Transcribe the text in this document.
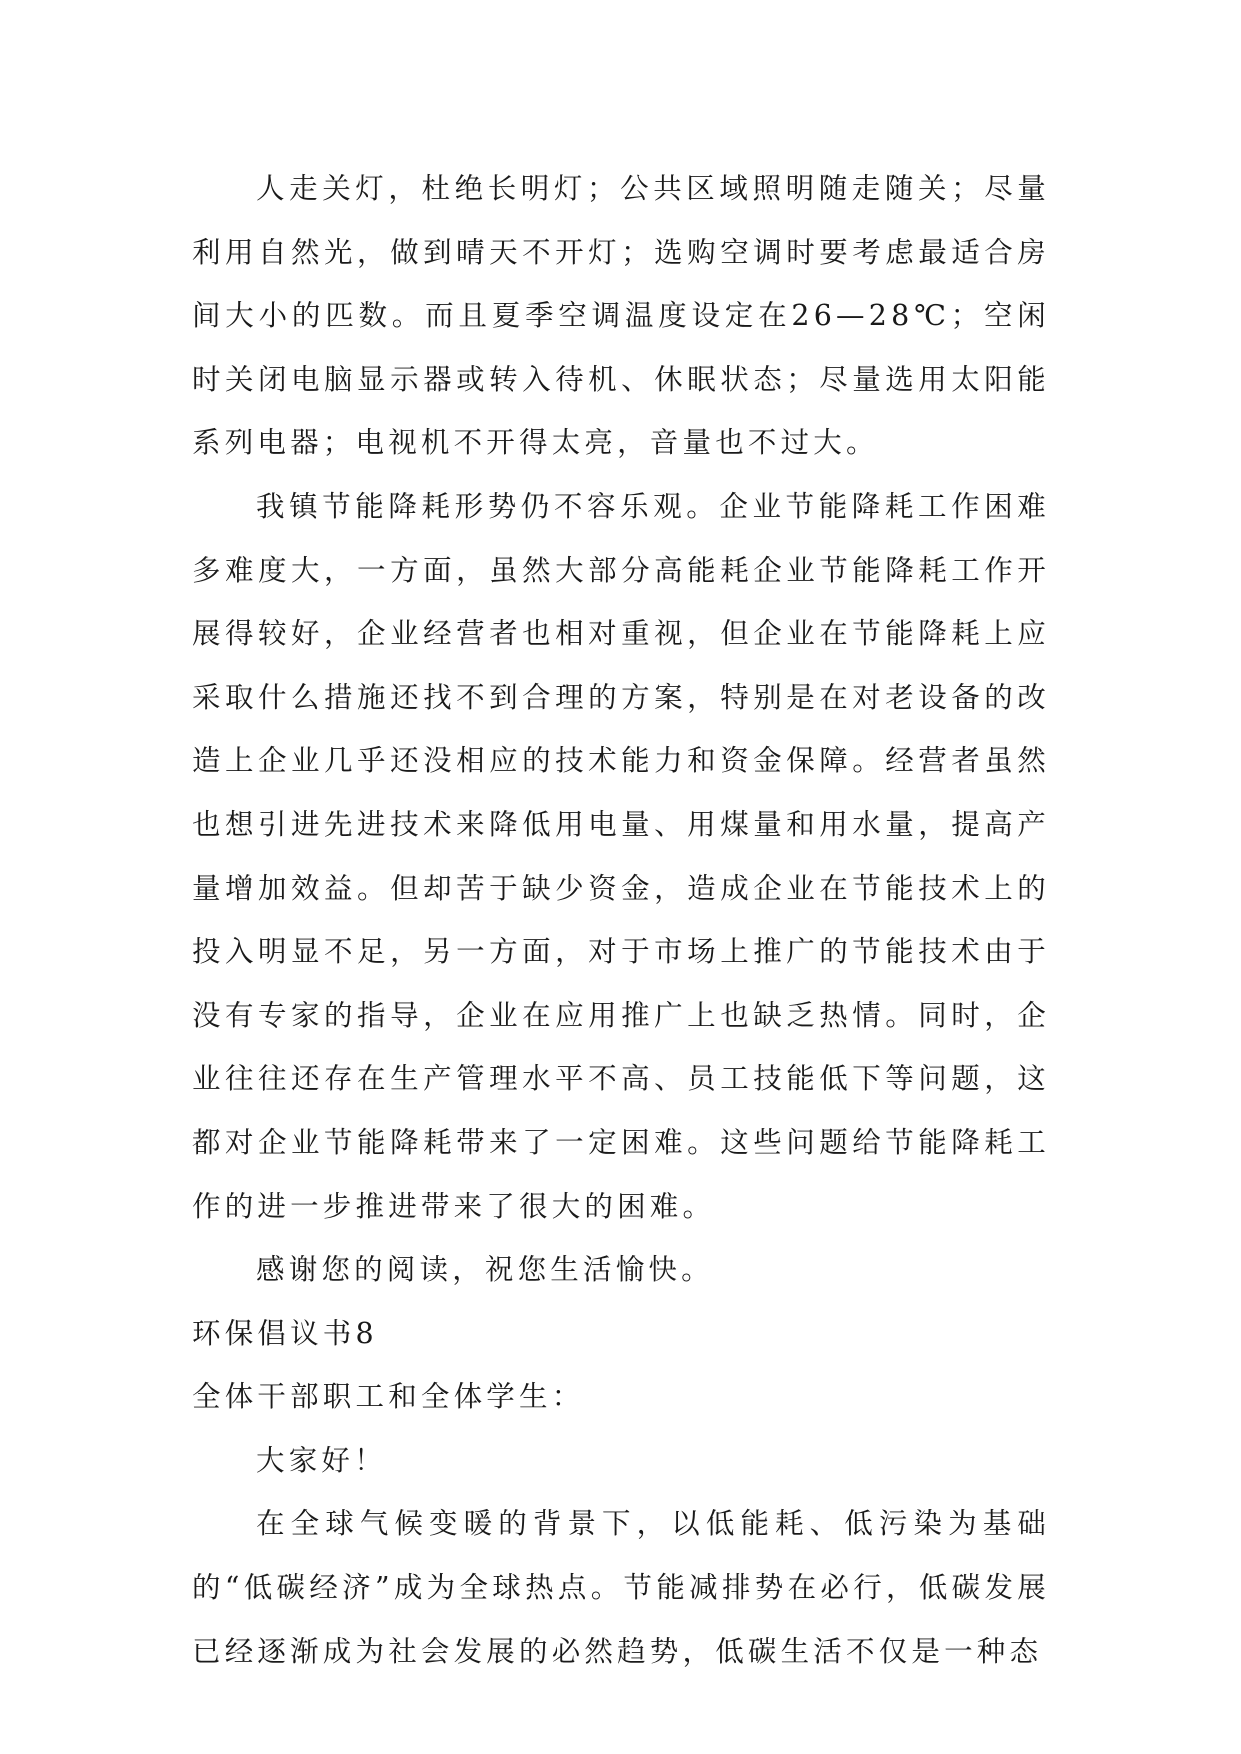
人走关灯，杜绝长明灯；公共区域照明随走随关；尽量利用自然光，做到晴天不开灯；选购空调时要考虑最适合房间大小的匹数。而且夏季空调温度设定在26—28℃；空闲时关闭电脑显示器或转入待机、休眠状态；尽量选用太阳能系列电器；电视机不开得太亮，音量也不过大。

我镇节能降耗形势仍不容乐观。企业节能降耗工作困难多难度大，一方面，虽然大部分高能耗企业节能降耗工作开展得较好，企业经营者也相对重视，但企业在节能降耗上应采取什么措施还找不到合理的方案，特别是在对老设备的改造上企业几乎还没相应的技术能力和资金保障。经营者虽然也想引进先进技术来降低用电量、用煤量和用水量，提高产量增加效益。但却苦于缺少资金，造成企业在节能技术上的投入明显不足，另一方面，对于市场上推广的节能技术由于没有专家的指导，企业在应用推广上也缺乏热情。同时，企业往往还存在生产管理水平不高、员工技能低下等问题，这都对企业节能降耗带来了一定困难。这些问题给节能降耗工作的进一步推进带来了很大的困难。

感谢您的阅读，祝您生活愉快。

环保倡议书8

全体干部职工和全体学生：

大家好！

在全球气候变暖的背景下，以低能耗、低污染为基础的“低碳经济”成为全球热点。节能减排势在必行，低碳发展已经逐渐成为社会发展的必然趋势，低碳生活不仅是一种态
